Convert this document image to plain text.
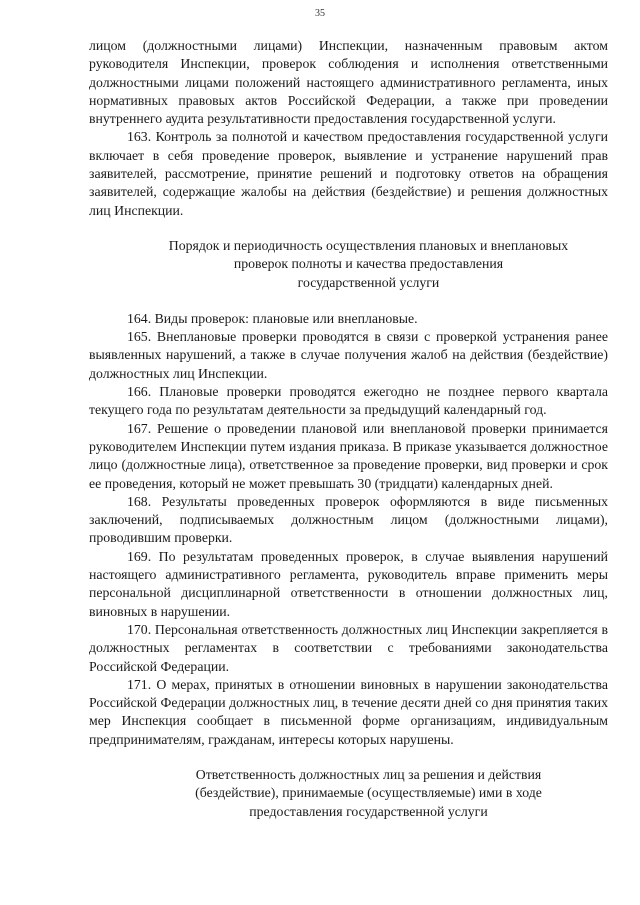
35

лицом (должностными лицами) Инспекции, назначенным правовым актом руководителя Инспекции, проверок соблюдения и исполнения ответственными должностными лицами положений настоящего административного регламента, иных нормативных правовых актов Российской Федерации, а также при проведении внутреннего аудита результативности предоставления государственной услуги.

163. Контроль за полнотой и качеством предоставления государственной услуги включает в себя проведение проверок, выявление и устранение нарушений прав заявителей, рассмотрение, принятие решений и подготовку ответов на обращения заявителей, содержащие жалобы на действия (бездействие) и решения должностных лиц Инспекции.

Порядок и периодичность осуществления плановых и внеплановых
проверок полноты и качества предоставления
государственной услуги

164. Виды проверок: плановые или внеплановые.

165. Внеплановые проверки проводятся в связи с проверкой устранения ранее выявленных нарушений, а также в случае получения жалоб на действия (бездействие) должностных лиц Инспекции.

166. Плановые проверки проводятся ежегодно не позднее первого квартала текущего года по результатам деятельности за предыдущий календарный год.

167. Решение о проведении плановой или внеплановой проверки принимается руководителем Инспекции путем издания приказа. В приказе указывается должностное лицо (должностные лица), ответственное за проведение проверки, вид проверки и срок ее проведения, который не может превышать 30 (тридцати) календарных дней.

168. Результаты проведенных проверок оформляются в виде письменных заключений, подписываемых должностным лицом (должностными лицами), проводившим проверки.

169. По результатам проведенных проверок, в случае выявления нарушений настоящего административного регламента, руководитель вправе применить меры персональной дисциплинарной ответственности в отношении должностных лиц, виновных в нарушении.

170. Персональная ответственность должностных лиц Инспекции закрепляется в должностных регламентах в соответствии с требованиями законодательства Российской Федерации.

171. О мерах, принятых в отношении виновных в нарушении законодательства Российской Федерации должностных лиц, в течение десяти дней со дня принятия таких мер Инспекция сообщает в письменной форме организациям, индивидуальным предпринимателям, гражданам, интересы которых нарушены.

Ответственность должностных лиц за решения и действия
(бездействие), принимаемые (осуществляемые) ими в ходе
предоставления государственной услуги
